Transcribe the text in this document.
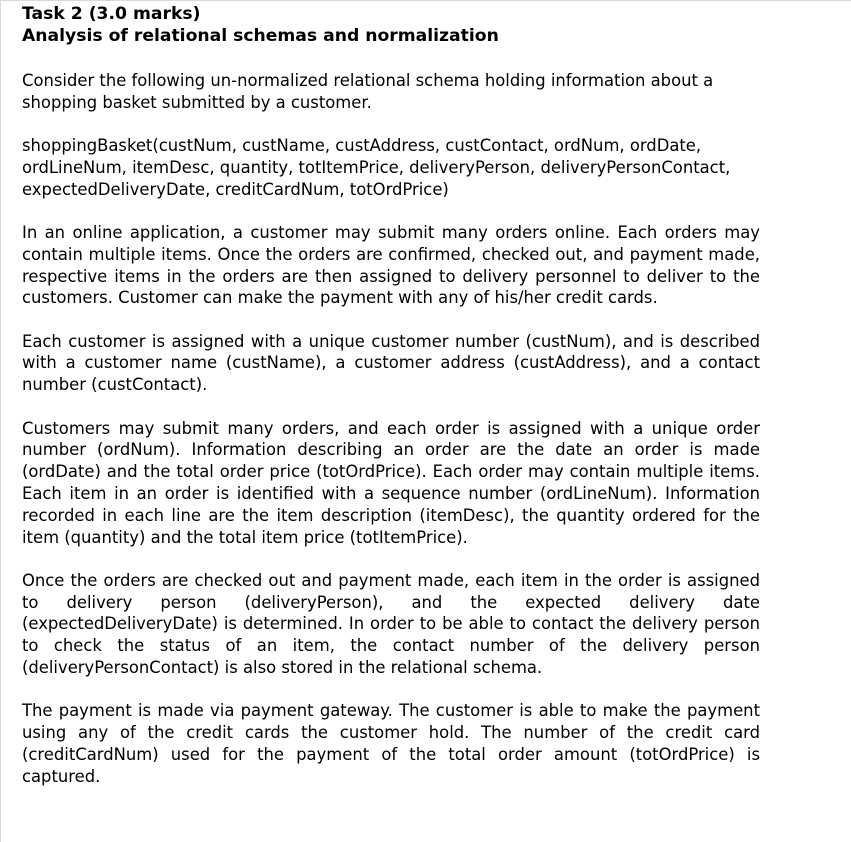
Task 2 (3.0 marks)

Analysis of relational schemas and normalization

Consider the following un-normalized relational schema holding information about a shopping basket submitted by a customer.

shoppingBasket(custNum, custName, custAddress, custContact, ordNum, ordDate, ordLineNum, itemDesc, quantity, totItemPrice, deliveryPerson, deliveryPersonContact, expectedDeliveryDate, creditCardNum, totOrdPrice)

In an online application, a customer may submit many orders online. Each orders may contain multiple items. Once the orders are confirmed, checked out, and payment made, respective items in the orders are then assigned to delivery personnel to deliver to the customers. Customer can make the payment with any of his/her credit cards.

Each customer is assigned with a unique customer number (custNum), and is described with a customer name (custName), a customer address (custAddress), and a contact number (custContact).

Customers may submit many orders, and each order is assigned with a unique order number (ordNum). Information describing an order are the date an order is made (ordDate) and the total order price (totOrdPrice). Each order may contain multiple items. Each item in an order is identified with a sequence number (ordLineNum). Information recorded in each line are the item description (itemDesc), the quantity ordered for the item (quantity) and the total item price (totItemPrice).

Once the orders are checked out and payment made, each item in the order is assigned to delivery person (deliveryPerson), and the expected delivery date (expectedDeliveryDate) is determined. In order to be able to contact the delivery person to check the status of an item, the contact number of the delivery person (deliveryPersonContact) is also stored in the relational schema.

The payment is made via payment gateway. The customer is able to make the payment using any of the credit cards the customer hold. The number of the credit card (creditCardNum) used for the payment of the total order amount (totOrdPrice) is captured.
